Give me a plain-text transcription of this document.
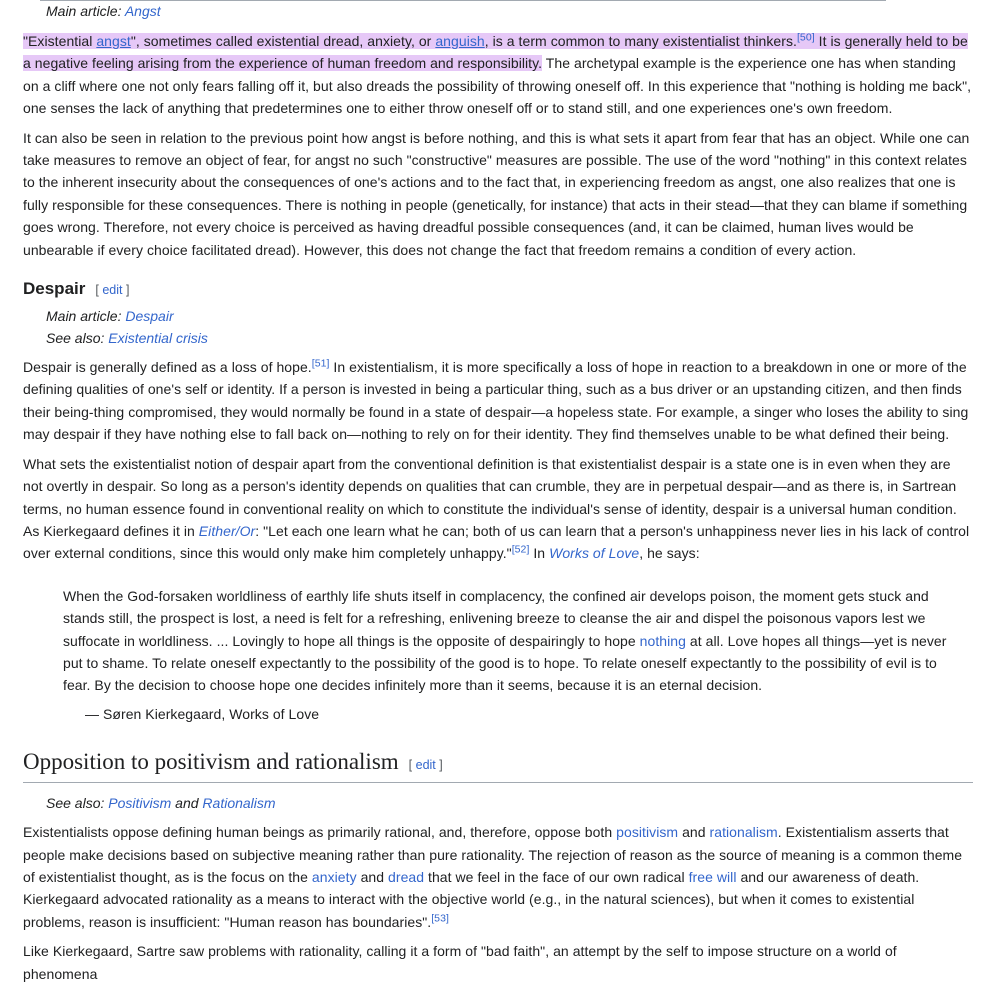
Main article: Angst

"Existential angst", sometimes called existential dread, anxiety, or anguish, is a term common to many existentialist thinkers.[50] It is generally held to be a negative feeling arising from the experience of human freedom and responsibility. The archetypal example is the experience one has when standing on a cliff where one not only fears falling off it, but also dreads the possibility of throwing oneself off. In this experience that "nothing is holding me back", one senses the lack of anything that predetermines one to either throw oneself off or to stand still, and one experiences one's own freedom.

It can also be seen in relation to the previous point how angst is before nothing, and this is what sets it apart from fear that has an object. While one can take measures to remove an object of fear, for angst no such "constructive" measures are possible. The use of the word "nothing" in this context relates to the inherent insecurity about the consequences of one's actions and to the fact that, in experiencing freedom as angst, one also realizes that one is fully responsible for these consequences. There is nothing in people (genetically, for instance) that acts in their stead—that they can blame if something goes wrong. Therefore, not every choice is perceived as having dreadful possible consequences (and, it can be claimed, human lives would be unbearable if every choice facilitated dread). However, this does not change the fact that freedom remains a condition of every action.

Despair [ edit ]
Main article: Despair
See also: Existential crisis

Despair is generally defined as a loss of hope.[51] In existentialism, it is more specifically a loss of hope in reaction to a breakdown in one or more of the defining qualities of one's self or identity. If a person is invested in being a particular thing, such as a bus driver or an upstanding citizen, and then finds their being-thing compromised, they would normally be found in a state of despair—a hopeless state. For example, a singer who loses the ability to sing may despair if they have nothing else to fall back on—nothing to rely on for their identity. They find themselves unable to be what defined their being.

What sets the existentialist notion of despair apart from the conventional definition is that existentialist despair is a state one is in even when they are not overtly in despair. So long as a person's identity depends on qualities that can crumble, they are in perpetual despair—and as there is, in Sartrean terms, no human essence found in conventional reality on which to constitute the individual's sense of identity, despair is a universal human condition. As Kierkegaard defines it in Either/Or: "Let each one learn what he can; both of us can learn that a person's unhappiness never lies in his lack of control over external conditions, since this would only make him completely unhappy."[52] In Works of Love, he says:

When the God-forsaken worldliness of earthly life shuts itself in complacency, the confined air develops poison, the moment gets stuck and stands still, the prospect is lost, a need is felt for a refreshing, enlivening breeze to cleanse the air and dispel the poisonous vapors lest we suffocate in worldliness. ... Lovingly to hope all things is the opposite of despairingly to hope nothing at all. Love hopes all things—yet is never put to shame. To relate oneself expectantly to the possibility of the good is to hope. To relate oneself expectantly to the possibility of evil is to fear. By the decision to choose hope one decides infinitely more than it seems, because it is an eternal decision.

— Søren Kierkegaard, Works of Love

Opposition to positivism and rationalism [ edit ]
See also: Positivism and Rationalism

Existentialists oppose defining human beings as primarily rational, and, therefore, oppose both positivism and rationalism. Existentialism asserts that people make decisions based on subjective meaning rather than pure rationality. The rejection of reason as the source of meaning is a common theme of existentialist thought, as is the focus on the anxiety and dread that we feel in the face of our own radical free will and our awareness of death. Kierkegaard advocated rationality as a means to interact with the objective world (e.g., in the natural sciences), but when it comes to existential problems, reason is insufficient: "Human reason has boundaries".[53]

Like Kierkegaard, Sartre saw problems with rationality, calling it a form of "bad faith", an attempt by the self to impose structure on a world of phenomena
